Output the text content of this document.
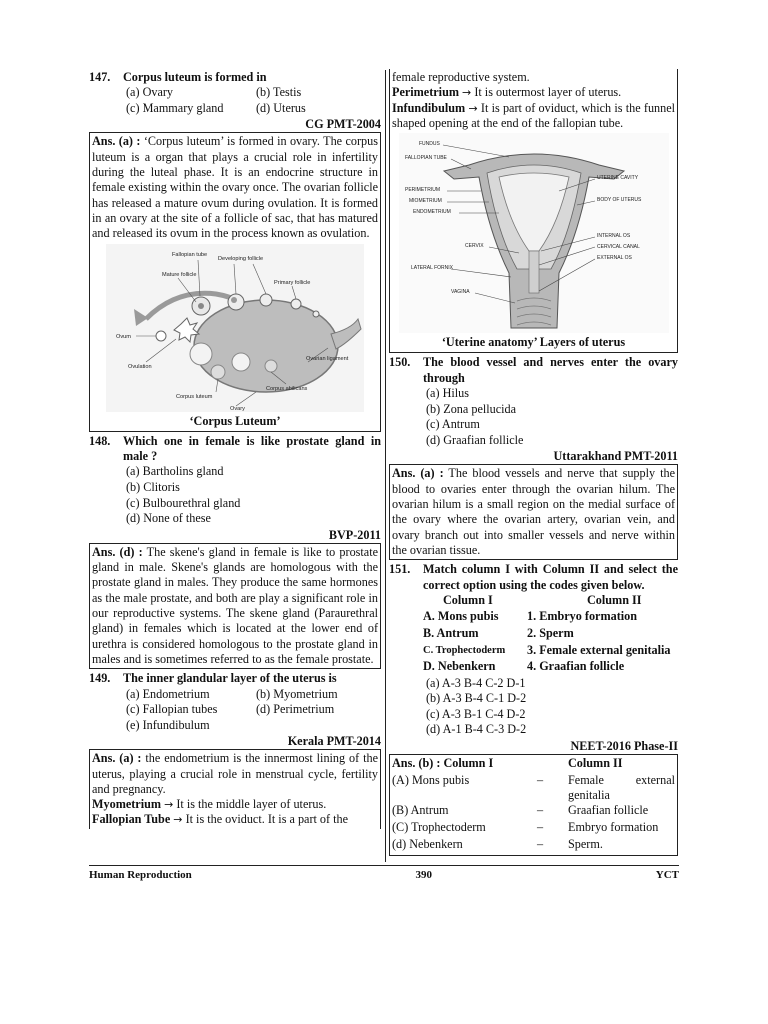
147.	Corpus luteum is formed in
(a) Ovary	(b) Testis
(c) Mammary gland	(d) Uterus
CG PMT-2004
Ans. (a) : ‘Corpus luteum’ is formed in ovary. The corpus luteum is a organ that plays a crucial role in infertility during the luteal phase. It is an endocrine structure in female existing within the ovary once. The ovarian follicle has released a mature ovum during ovulation. It is formed in an ovary at the site of a follicle of sac, that has matured and released its ovum in the process known as ovulation.
Fallopian tube
Developing follicle
Mature follicle
Primary follicle
Ovum
Ovulation
Ovarian ligament
Corpus abilicans
Corpus luteum
Ovary
‘Corpus Luteum’
148.	Which one in female is like prostate gland in male ?
(a) Bartholins gland
(b) Clitoris
(c) Bulbourethral gland
(d) None of these
BVP-2011
Ans. (d) : The skene's gland in female is like to prostate gland in male. Skene's glands are homologous with the prostate gland in males. They produce the same hormones as the male prostate, and both are play a significant role in our reproductive systems. The skene gland (Paraurethral gland) in females which is located at the lower end of urethra is considered homologous to the prostate gland in males and is sometimes referred to as the female prostate.
149.	The inner glandular layer of the uterus is
(a) Endometrium	(b) Myometrium
(c) Fallopian tubes	(d) Perimetrium
(e) Infundibulum
Kerala PMT-2014
Ans. (a) : the endometrium is the innermost lining of the uterus, playing a crucial role in menstrual cycle, fertility and pregnancy.
Myometrium → It is the middle layer of uterus.
Fallopian Tube → It is the oviduct. It is a part of the
female reproductive system.
Perimetrium → It is outermost layer of uterus.
Infundibulum → It is part of oviduct, which is the funnel shaped opening at the end of the fallopian tube.
FUNDUS
FALLOPIAN TUBE
PERIMETRIUM
MIOMETRIUM
ENDOMETRIUM
CERVIX
LATERAL FORNIX
VAGINA
UTERINE CAVITY
BODY OF UTERUS
INTERNAL OS
CERVICAL CANAL
EXTERNAL OS
‘Uterine anatomy’ Layers of uterus
150.	The blood vessel and nerves enter the ovary through
(a) Hilus
(b) Zona pellucida
(c) Antrum
(d) Graafian follicle
Uttarakhand PMT-2011
Ans. (a) : The blood vessels and nerve that supply the blood to ovaries enter through the ovarian hilum. The ovarian hilum is a small region on the medial surface of the ovary where the ovarian artery, ovarian vein, and ovary branch out into smaller vessels and nerve within the ovarian tissue.
151.	Match column I with Column II and select the correct option using the codes given below.
Column I	Column II
A. Mons pubis	1. Embryo formation
B. Antrum	2. Sperm
C. Trophectoderm	3. Female external genitalia
D. Nebenkern	4. Graafian follicle
(a) A-3 B-4 C-2 D-1
(b) A-3 B-4 C-1 D-2
(c) A-3 B-1 C-4 D-2
(d) A-1 B-4 C-3 D-2
NEET-2016 Phase-II
Ans. (b) : Column I		Column II
(A) Mons pubis	–	Female external genitalia
(B) Antrum	–	Graafian follicle
(C) Trophectoderm	–	Embryo formation
(d) Nebenkern	–	Sperm.
Human Reproduction	390	YCT
